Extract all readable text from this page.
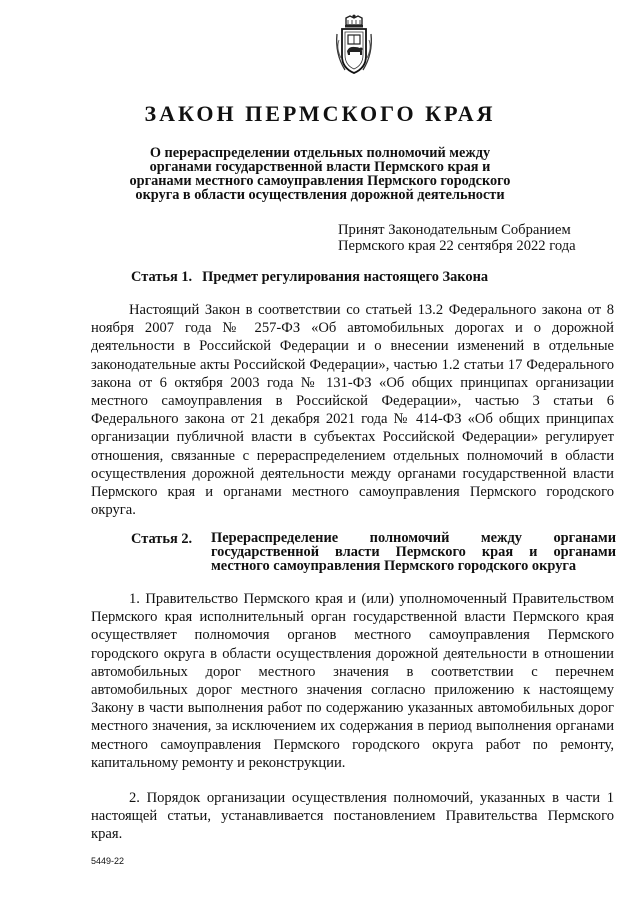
ЗАКОН ПЕРМСКОГО КРАЯ

О перераспределении отдельных полномочий между органами государственной власти Пермского края и органами местного самоуправления Пермского городского округа в области осуществления дорожной деятельности

Принят Законодательным Собранием
Пермского края 22 сентября 2022 года
Статья 1. Предмет регулирования настоящего Закона

Настоящий Закон в соответствии со статьей 13.2 Федерального закона от 8 ноября 2007 года № 257-ФЗ «Об автомобильных дорогах и о дорожной деятельности в Российской Федерации и о внесении изменений в отдельные законодательные акты Российской Федерации», частью 1.2 статьи 17 Федерального закона от 6 октября 2003 года № 131-ФЗ «Об общих принципах организации местного самоуправления в Российской Федерации», частью 3 статьи 6 Федерального закона от 21 декабря 2021 года № 414-ФЗ «Об общих принципах организации публичной власти в субъектах Российской Федерации» регулирует отношения, связанные с перераспределением отдельных полномочий в области осуществления дорожной деятельности между органами государственной власти Пермского края и органами местного самоуправления Пермского городского округа.

Статья 2. Перераспределение полномочий между органами государственной власти Пермского края и органами местного самоуправления Пермского городского округа

1. Правительство Пермского края и (или) уполномоченный Правительством Пермского края исполнительный орган государственной власти Пермского края осуществляет полномочия органов местного самоуправления Пермского городского округа в области осуществления дорожной деятельности в отношении автомобильных дорог местного значения в соответствии с перечнем автомобильных дорог местного значения согласно приложению к настоящему Закону в части выполнения работ по содержанию указанных автомобильных дорог местного значения, за исключением их содержания в период выполнения органами местного самоуправления Пермского городского округа работ по ремонту, капитальному ремонту и реконструкции.

2. Порядок организации осуществления полномочий, указанных в части 1 настоящей статьи, устанавливается постановлением Правительства Пермского края.

5449-22
